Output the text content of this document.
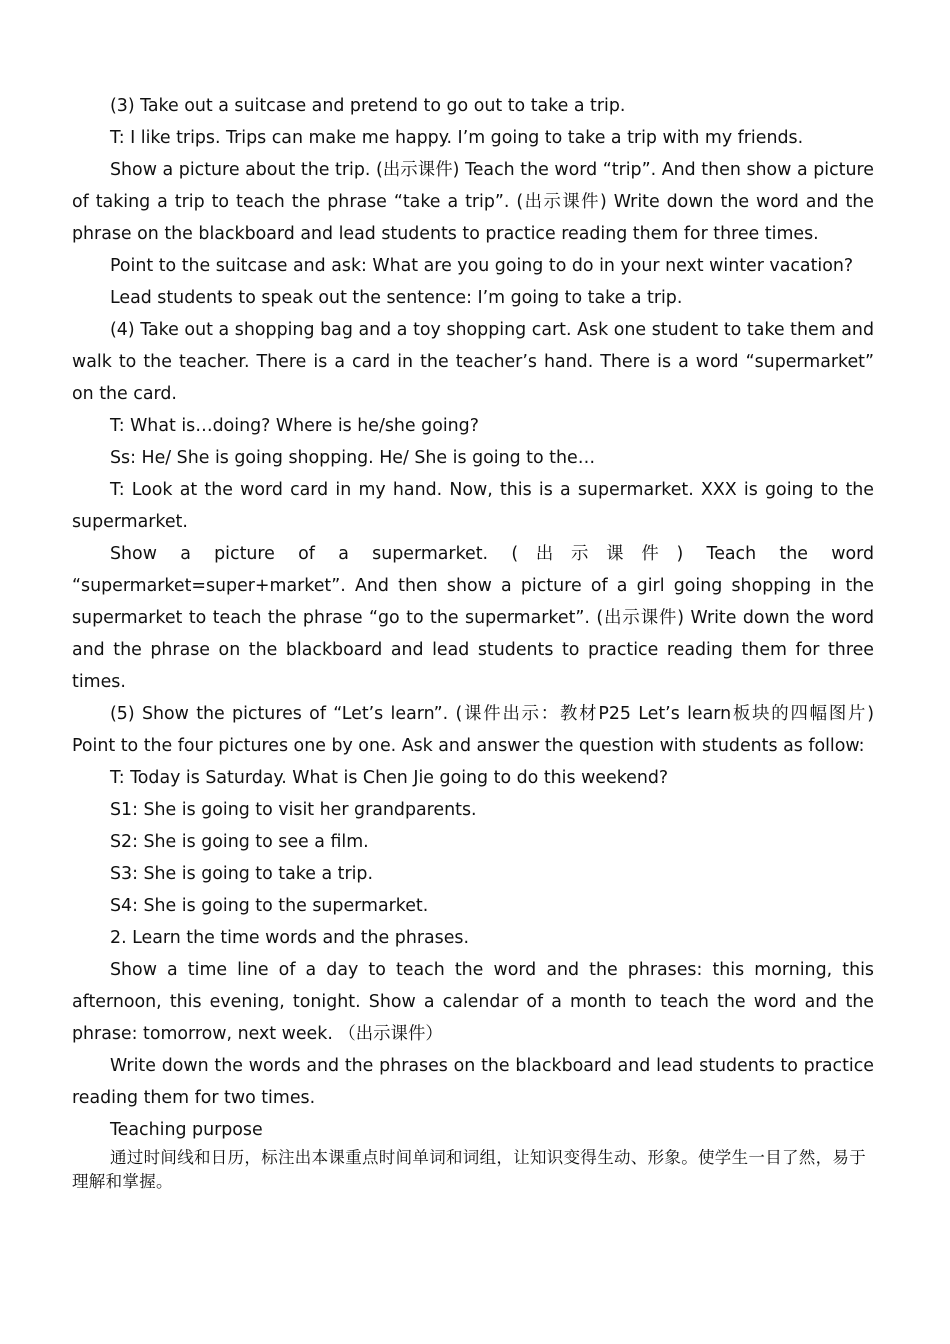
(3) Take out a suitcase and pretend to go out to take a trip.

T: I like trips. Trips can make me happy. I’m going to take a trip with my friends.

Show a picture about the trip. (出示课件) Teach the word “trip”. And then show a picture of taking a trip to teach the phrase “take a trip”. (出示课件) Write down the word and the phrase on the blackboard and lead students to practice reading them for three times.

Point to the suitcase and ask: What are you going to do in your next winter vacation?

Lead students to speak out the sentence: I’m going to take a trip.

(4) Take out a shopping bag and a toy shopping cart. Ask one student to take them and walk to the teacher. There is a card in the teacher’s hand. There is a word “supermarket” on the card.

T: What is…doing? Where is he/she going?

Ss: He/ She is going shopping. He/ She is going to the…

T: Look at the word card in my hand. Now, this is a supermarket. XXX is going to the supermarket.

Show a picture of a supermarket. (出示课件) Teach the word “supermarket=super+market”. And then show a picture of a girl going shopping in the supermarket to teach the phrase “go to the supermarket”. (出示课件) Write down the word and the phrase on the blackboard and lead students to practice reading them for three times.

(5) Show the pictures of “Let’s learn”. (课件出示：教材P25 Let’s learn板块的四幅图片) Point to the four pictures one by one. Ask and answer the question with students as follow:

T: Today is Saturday. What is Chen Jie going to do this weekend?

S1: She is going to visit her grandparents.

S2: She is going to see a film.

S3: She is going to take a trip.

S4: She is going to the supermarket.

2. Learn the time words and the phrases.

Show a time line of a day to teach the word and the phrases: this morning, this afternoon, this evening, tonight. Show a calendar of a month to teach the word and the phrase: tomorrow, next week. （出示课件）

Write down the words and the phrases on the blackboard and lead students to practice reading them for two times.

Teaching purpose

通过时间线和日历，标注出本课重点时间单词和词组，让知识变得生动、形象。使学生一目了然，易于理解和掌握。
